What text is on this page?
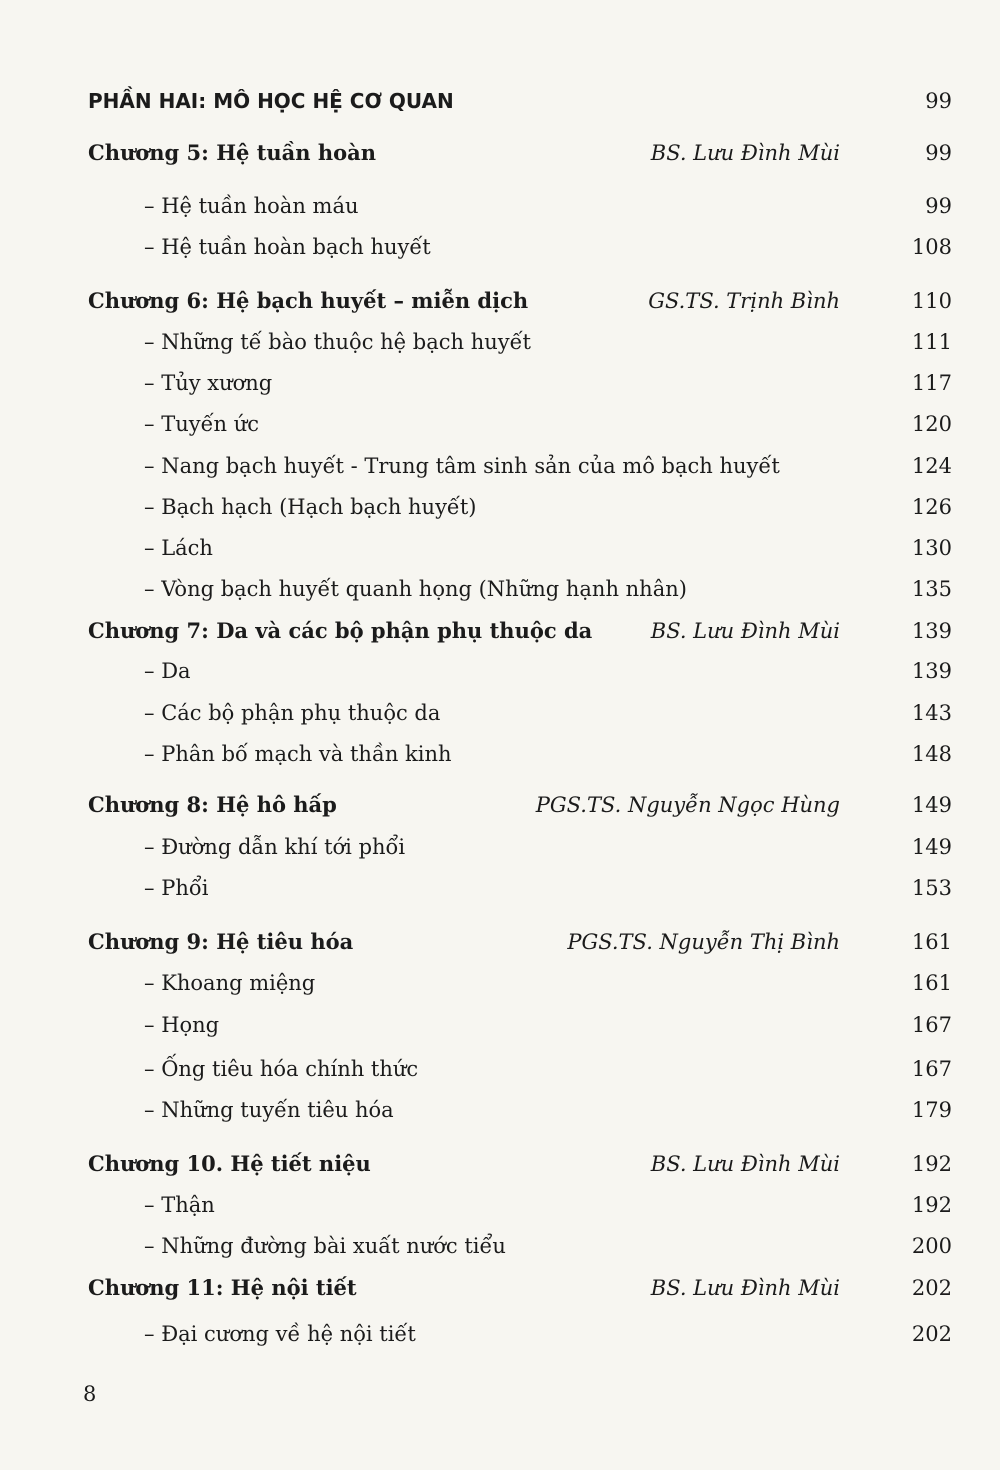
PHẦN HAI: MÔ HỌC HỆ CƠ QUAN	99
Chương 5: Hệ tuần hoàn	BS. Lưu Đình Mùi	99
– Hệ tuần hoàn máu	99
– Hệ tuần hoàn bạch huyết	108
Chương 6: Hệ bạch huyết – miễn dịch	GS.TS. Trịnh Bình	110
– Những tế bào thuộc hệ bạch huyết	111
– Tủy xương	117
– Tuyến ức	120
– Nang bạch huyết - Trung tâm sinh sản của mô bạch huyết	124
– Bạch hạch (Hạch bạch huyết)	126
– Lách	130
– Vòng bạch huyết quanh họng (Những hạnh nhân)	135
Chương 7: Da và các bộ phận phụ thuộc da	BS. Lưu Đình Mùi	139
– Da	139
– Các bộ phận phụ thuộc da	143
– Phân bố mạch và thần kinh	148
Chương 8: Hệ hô hấp	PGS.TS. Nguyễn Ngọc Hùng	149
– Đường dẫn khí tới phổi	149
– Phổi	153
Chương 9: Hệ tiêu hóa	PGS.TS. Nguyễn Thị Bình	161
– Khoang miệng	161
– Họng	167
– Ống tiêu hóa chính thức	167
– Những tuyến tiêu hóa	179
Chương 10. Hệ tiết niệu	BS. Lưu Đình Mùi	192
– Thận	192
– Những đường bài xuất nước tiểu	200
Chương 11: Hệ nội tiết	BS. Lưu Đình Mùi	202
– Đại cương về hệ nội tiết	202
8
